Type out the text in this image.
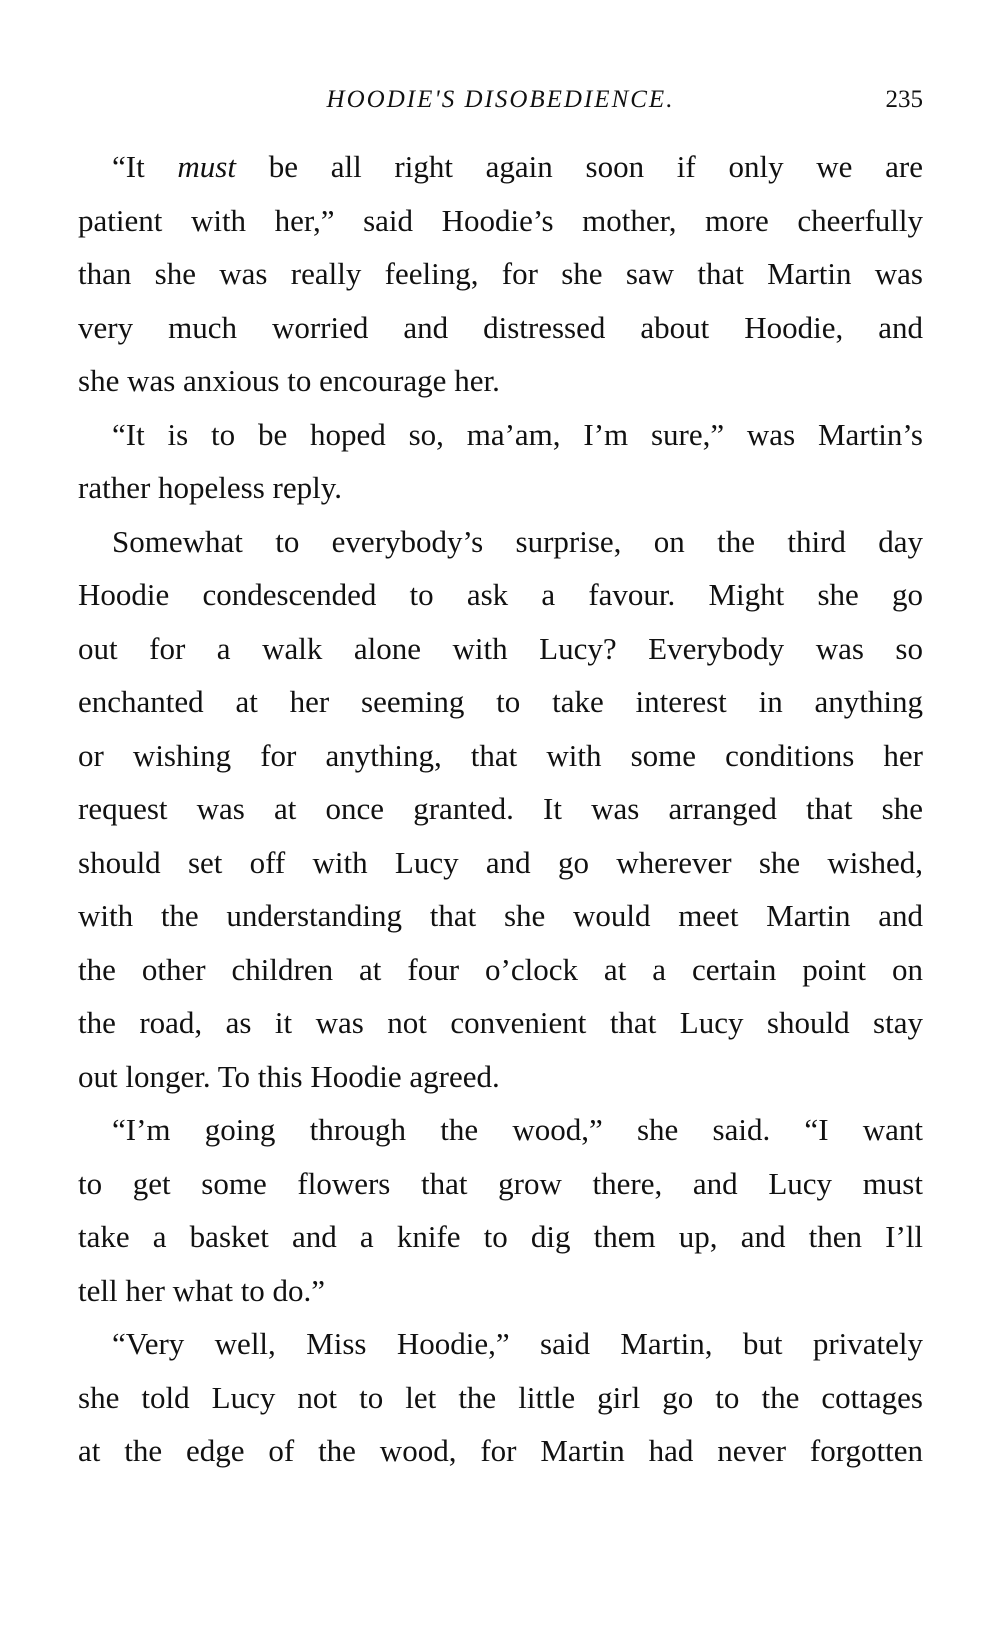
HOODIE'S DISOBEDIENCE.	235
“It must be all right again soon if only we are
patient with her,” said Hoodie’s mother, more cheerfully
than she was really feeling, for she saw that Martin was
very much worried and distressed about Hoodie, and
she was anxious to encourage her.
“It is to be hoped so, ma’am, I’m sure,” was Martin’s
rather hopeless reply.
Somewhat to everybody’s surprise, on the third day
Hoodie condescended to ask a favour. Might she go
out for a walk alone with Lucy? Everybody was so
enchanted at her seeming to take interest in anything
or wishing for anything, that with some conditions her
request was at once granted. It was arranged that she
should set off with Lucy and go wherever she wished,
with the understanding that she would meet Martin and
the other children at four o’clock at a certain point on
the road, as it was not convenient that Lucy should stay
out longer. To this Hoodie agreed.
“I’m going through the wood,” she said. “I want
to get some flowers that grow there, and Lucy must
take a basket and a knife to dig them up, and then I’ll
tell her what to do.”
“Very well, Miss Hoodie,” said Martin, but privately
she told Lucy not to let the little girl go to the cottages
at the edge of the wood, for Martin had never forgotten
